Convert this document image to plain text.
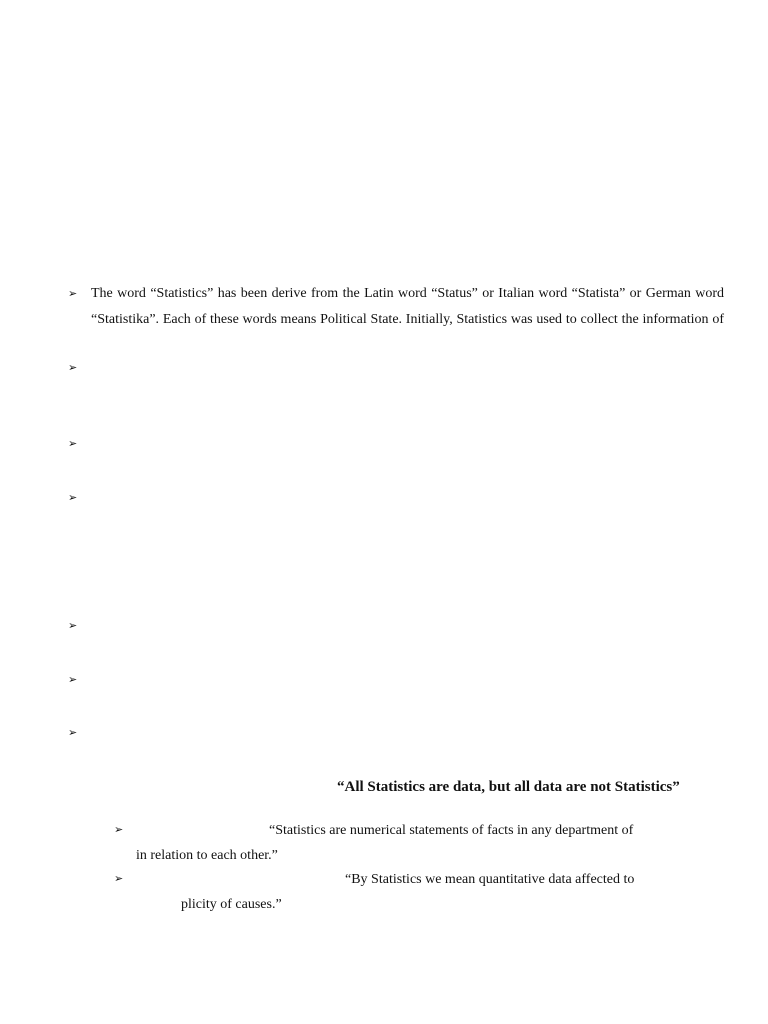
➢
➢
➢
➢
➢
➢
➢
The word “Statistics” has been derive from the Latin word “Status” or Italian word “Statista” or German word
“Statistika”. Each of these words means Political State. Initially, Statistics was used to collect the information of
“All Statistics are data, but all data are not Statistics”
➢	“Statistics are numerical statements of facts in any department of
in relation to each other.”
➢	“By Statistics we mean quantitative data affected to
plicity of causes.”
